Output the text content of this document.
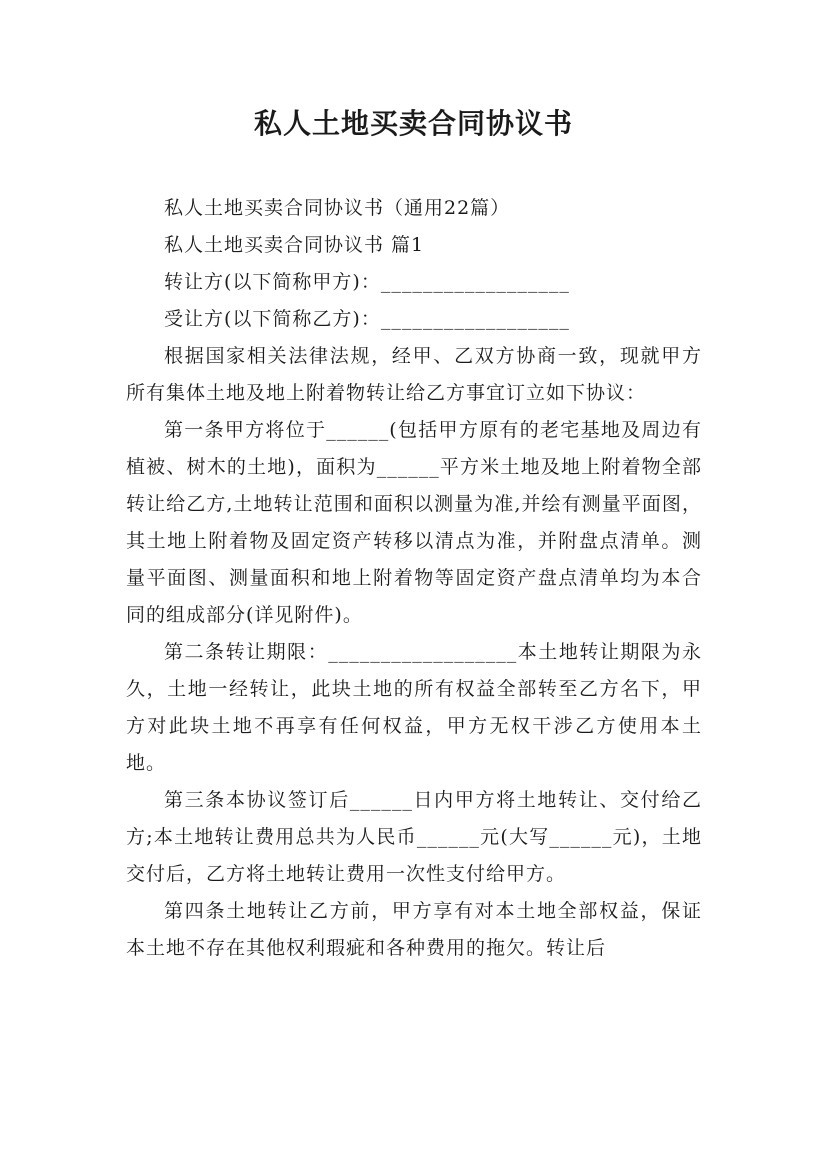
私人土地买卖合同协议书

私人土地买卖合同协议书（通用22篇）

私人土地买卖合同协议书 篇1

转让方(以下简称甲方)：__________________

受让方(以下简称乙方)：__________________

根据国家相关法律法规，经甲、乙双方协商一致，现就甲方所有集体土地及地上附着物转让给乙方事宜订立如下协议：

第一条甲方将位于______(包括甲方原有的老宅基地及周边有植被、树木的土地)，面积为______平方米土地及地上附着物全部转让给乙方,土地转让范围和面积以测量为准,并绘有测量平面图，其土地上附着物及固定资产转移以清点为准，并附盘点清单。测量平面图、测量面积和地上附着物等固定资产盘点清单均为本合同的组成部分(详见附件)。

第二条转让期限：__________________本土地转让期限为永久，土地一经转让，此块土地的所有权益全部转至乙方名下，甲方对此块土地不再享有任何权益，甲方无权干涉乙方使用本土地。

第三条本协议签订后______日内甲方将土地转让、交付给乙方;本土地转让费用总共为人民币______元(大写______元)，土地交付后，乙方将土地转让费用一次性支付给甲方。

第四条土地转让乙方前，甲方享有对本土地全部权益，保证本土地不存在其他权利瑕疵和各种费用的拖欠。转让后
